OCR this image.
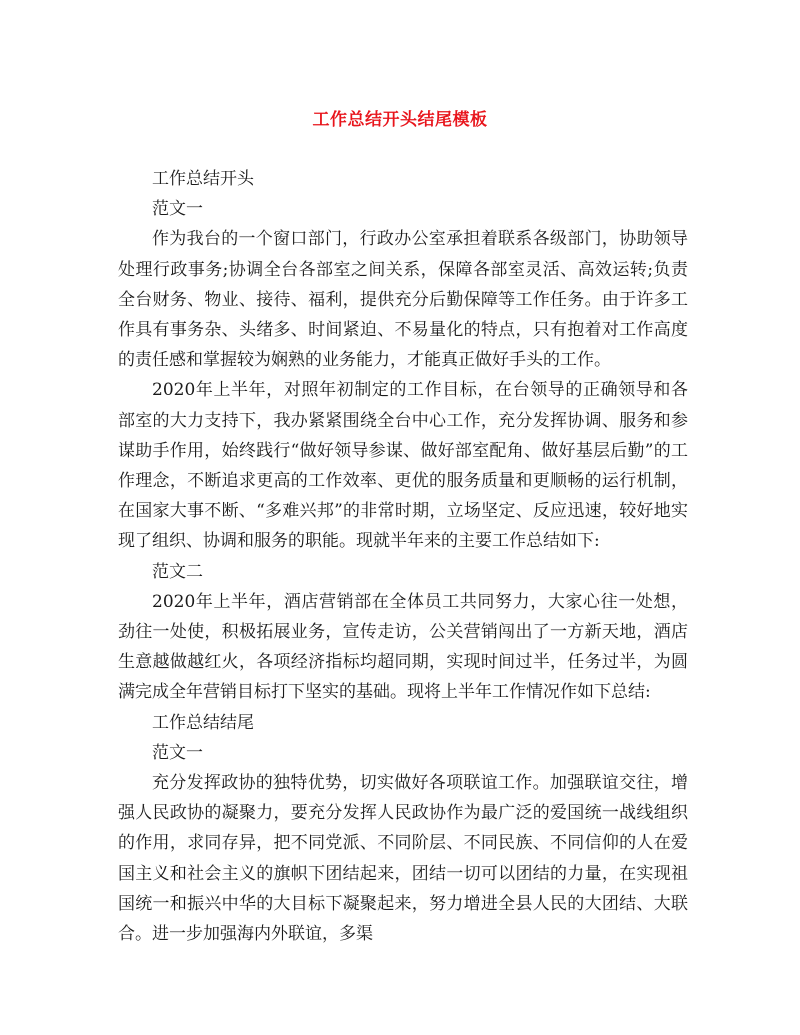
工作总结开头结尾模板

工作总结开头

范文一

作为我台的一个窗口部门，行政办公室承担着联系各级部门，协助领导处理行政事务;协调全台各部室之间关系，保障各部室灵活、高效运转;负责全台财务、物业、接待、福利，提供充分后勤保障等工作任务。由于许多工作具有事务杂、头绪多、时间紧迫、不易量化的特点，只有抱着对工作高度的责任感和掌握较为娴熟的业务能力，才能真正做好手头的工作。

2020年上半年，对照年初制定的工作目标，在台领导的正确领导和各部室的大力支持下，我办紧紧围绕全台中心工作，充分发挥协调、服务和参谋助手作用，始终践行“做好领导参谋、做好部室配角、做好基层后勤”的工作理念，不断追求更高的工作效率、更优的服务质量和更顺畅的运行机制，在国家大事不断、“多难兴邦”的非常时期，立场坚定、反应迅速，较好地实现了组织、协调和服务的职能。现就半年来的主要工作总结如下:

范文二

2020年上半年，酒店营销部在全体员工共同努力，大家心往一处想，劲往一处使，积极拓展业务，宣传走访，公关营销闯出了一方新天地，酒店生意越做越红火，各项经济指标均超同期，实现时间过半，任务过半，为圆满完成全年营销目标打下坚实的基础。现将上半年工作情况作如下总结:

工作总结结尾

范文一

充分发挥政协的独特优势，切实做好各项联谊工作。加强联谊交往，增强人民政协的凝聚力，要充分发挥人民政协作为最广泛的爱国统一战线组织的作用，求同存异，把不同党派、不同阶层、不同民族、不同信仰的人在爱国主义和社会主义的旗帜下团结起来，团结一切可以团结的力量，在实现祖国统一和振兴中华的大目标下凝聚起来，努力增进全县人民的大团结、大联合。进一步加强海内外联谊，多渠
